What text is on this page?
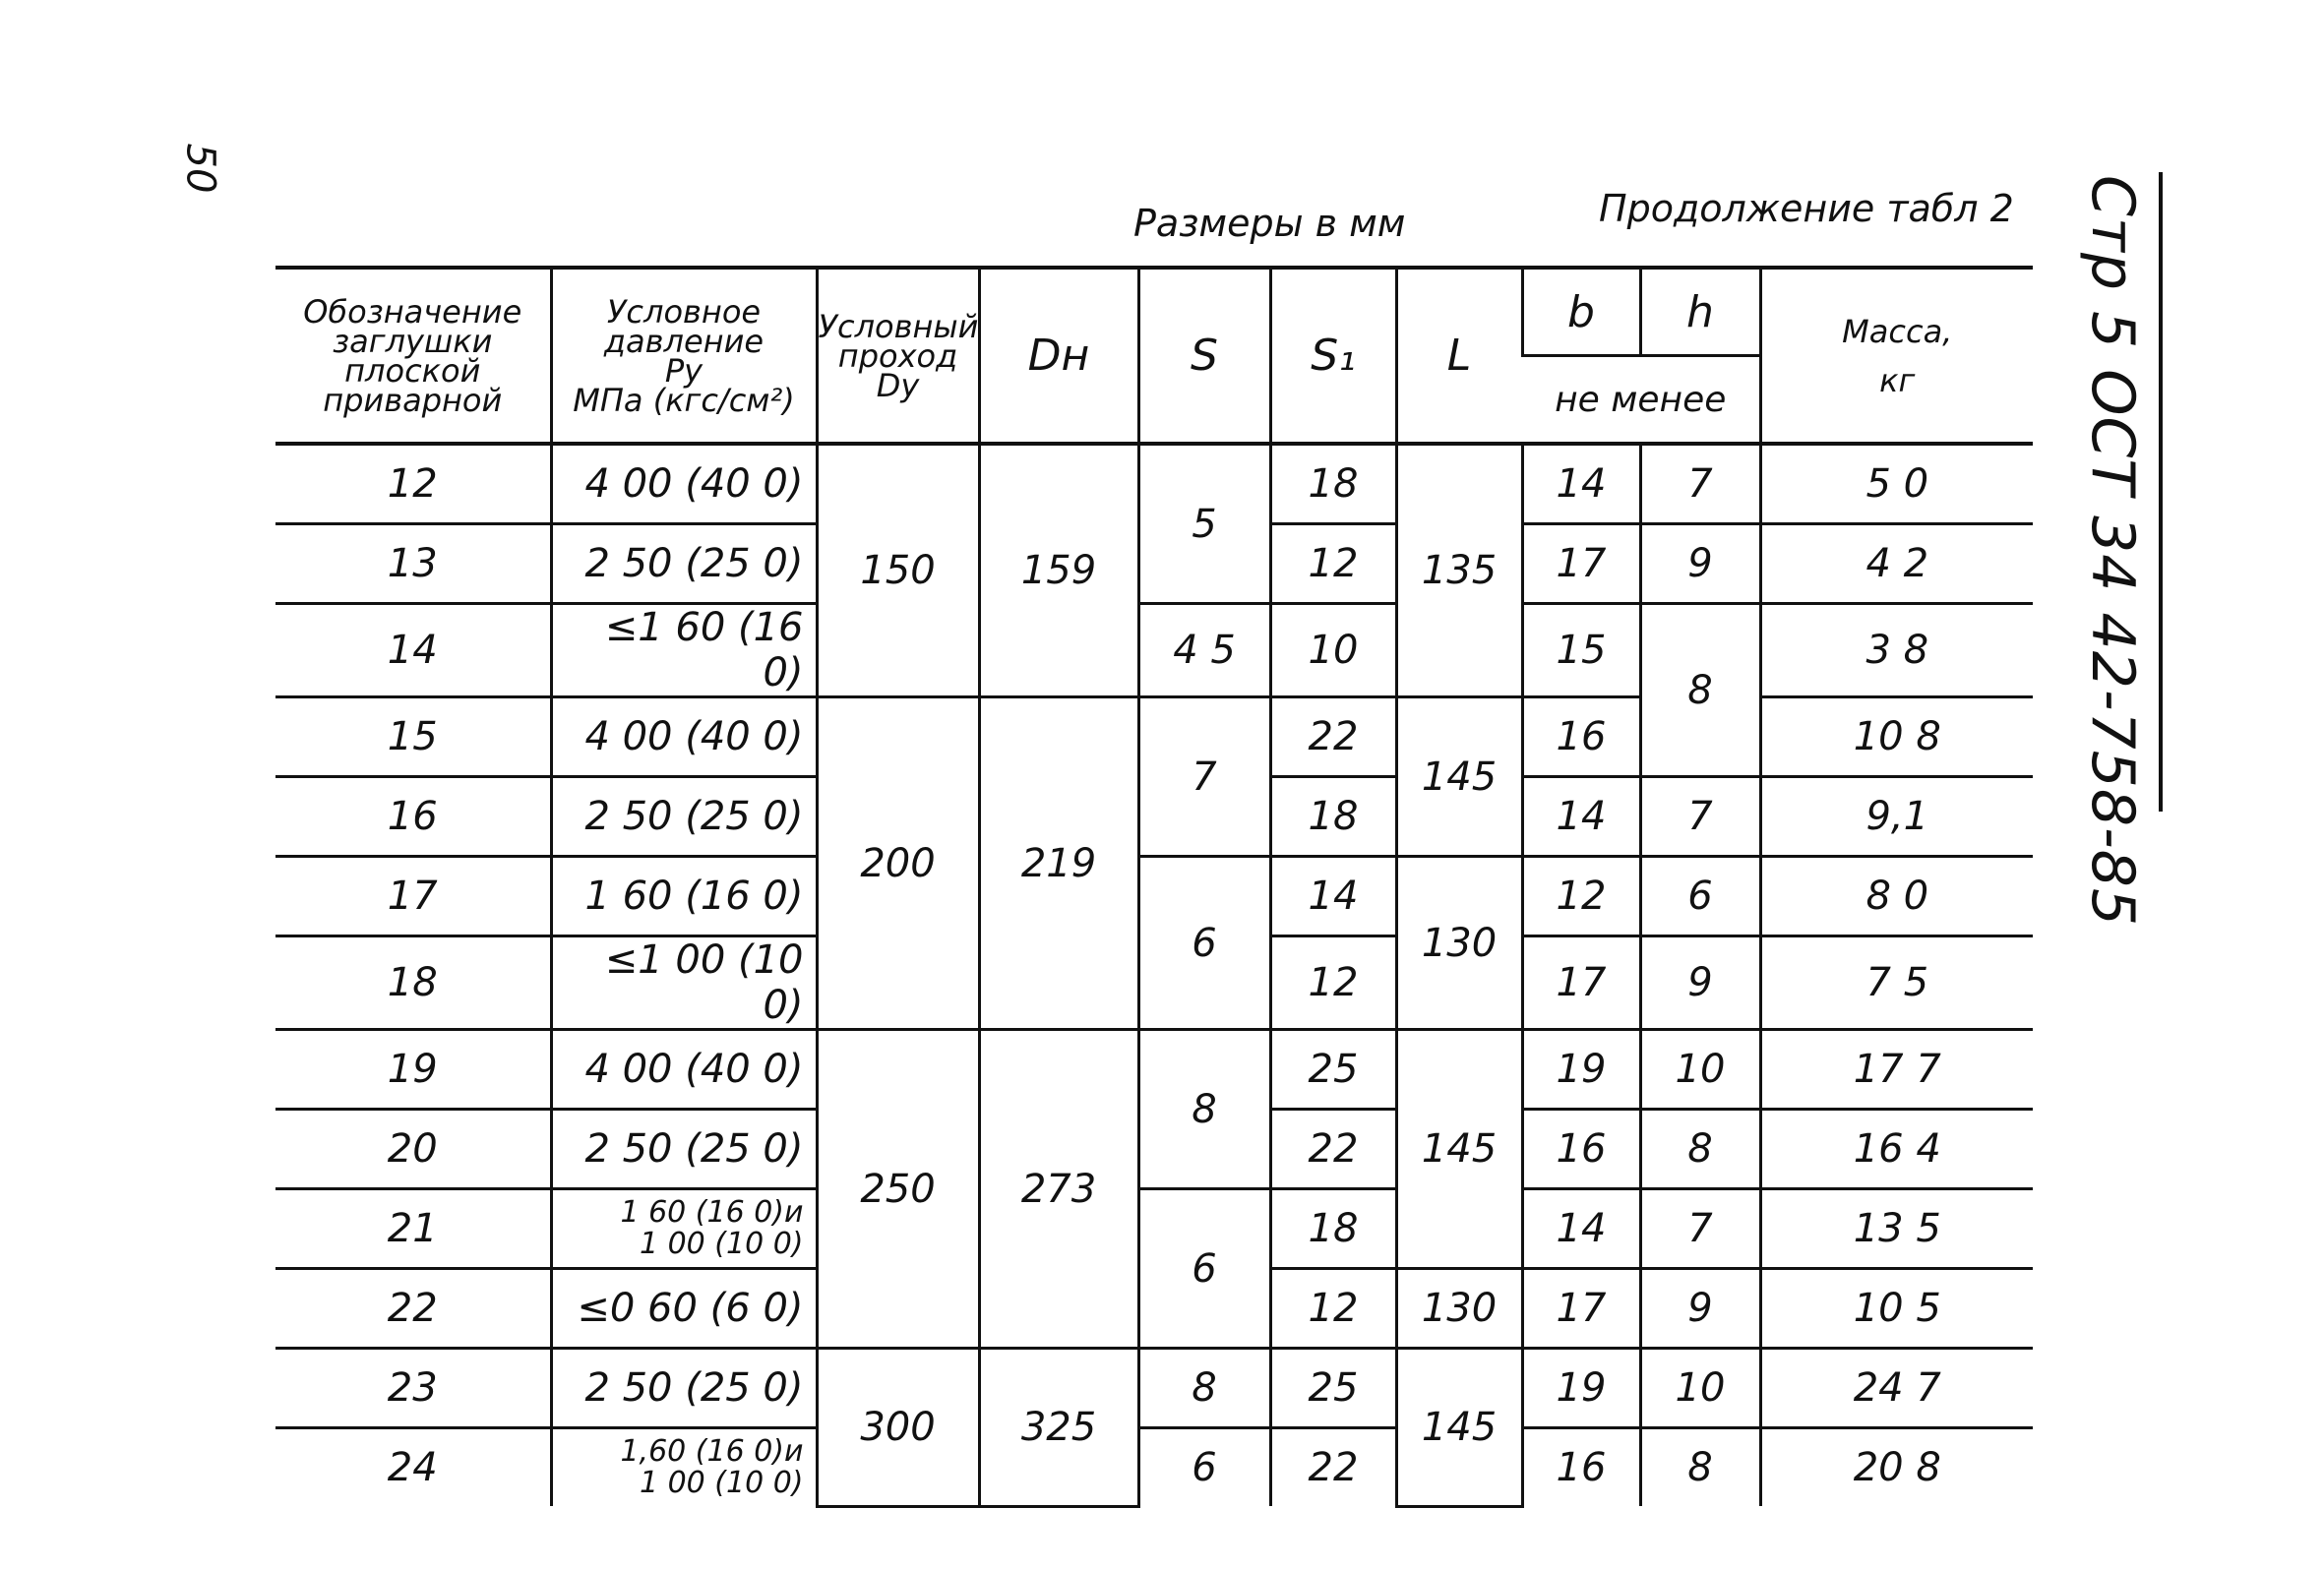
50
Стр 5 ОСТ 34 42-758-85
Размеры в мм	Продолжение табл 2
Обозначение
заглушки
плоской
приварной	Условное
давление
Ру
МПа (кгс/см²)	Условный
проход
Dу	Dн	S	S₁	L	b	h	Масса,
кг

							не менее		
12	4 00 (40 0)	150	159	5	18	135	14	7	5 0
13	2 50 (25 0)				12		17	9	4 2
14	≤1 60 (16 0)			4 5	10		15	8	3 8
15	4 00 (40 0)	200	219	7	22	145	16		10 8
16	2 50 (25 0)				18		14	7	9,1
17	1 60 (16 0)			6	14	130	12	6	8 0
18	≤1 00 (10 0)				12		17	9	7 5
19	4 00 (40 0)	250	273	8	25	145	19	10	17 7
20	2 50 (25 0)				22		16	8	16 4
21	1 60 (16 0)и
1 00 (10 0)			6	18		14	7	13 5
22	≤0 60 (6 0)				12	130	17	9	10 5
23	2 50 (25 0)	300	325	8	25	145	19	10	24 7
24	1,60 (16 0)и
1 00 (10 0)			6	22		16	8	20 8
